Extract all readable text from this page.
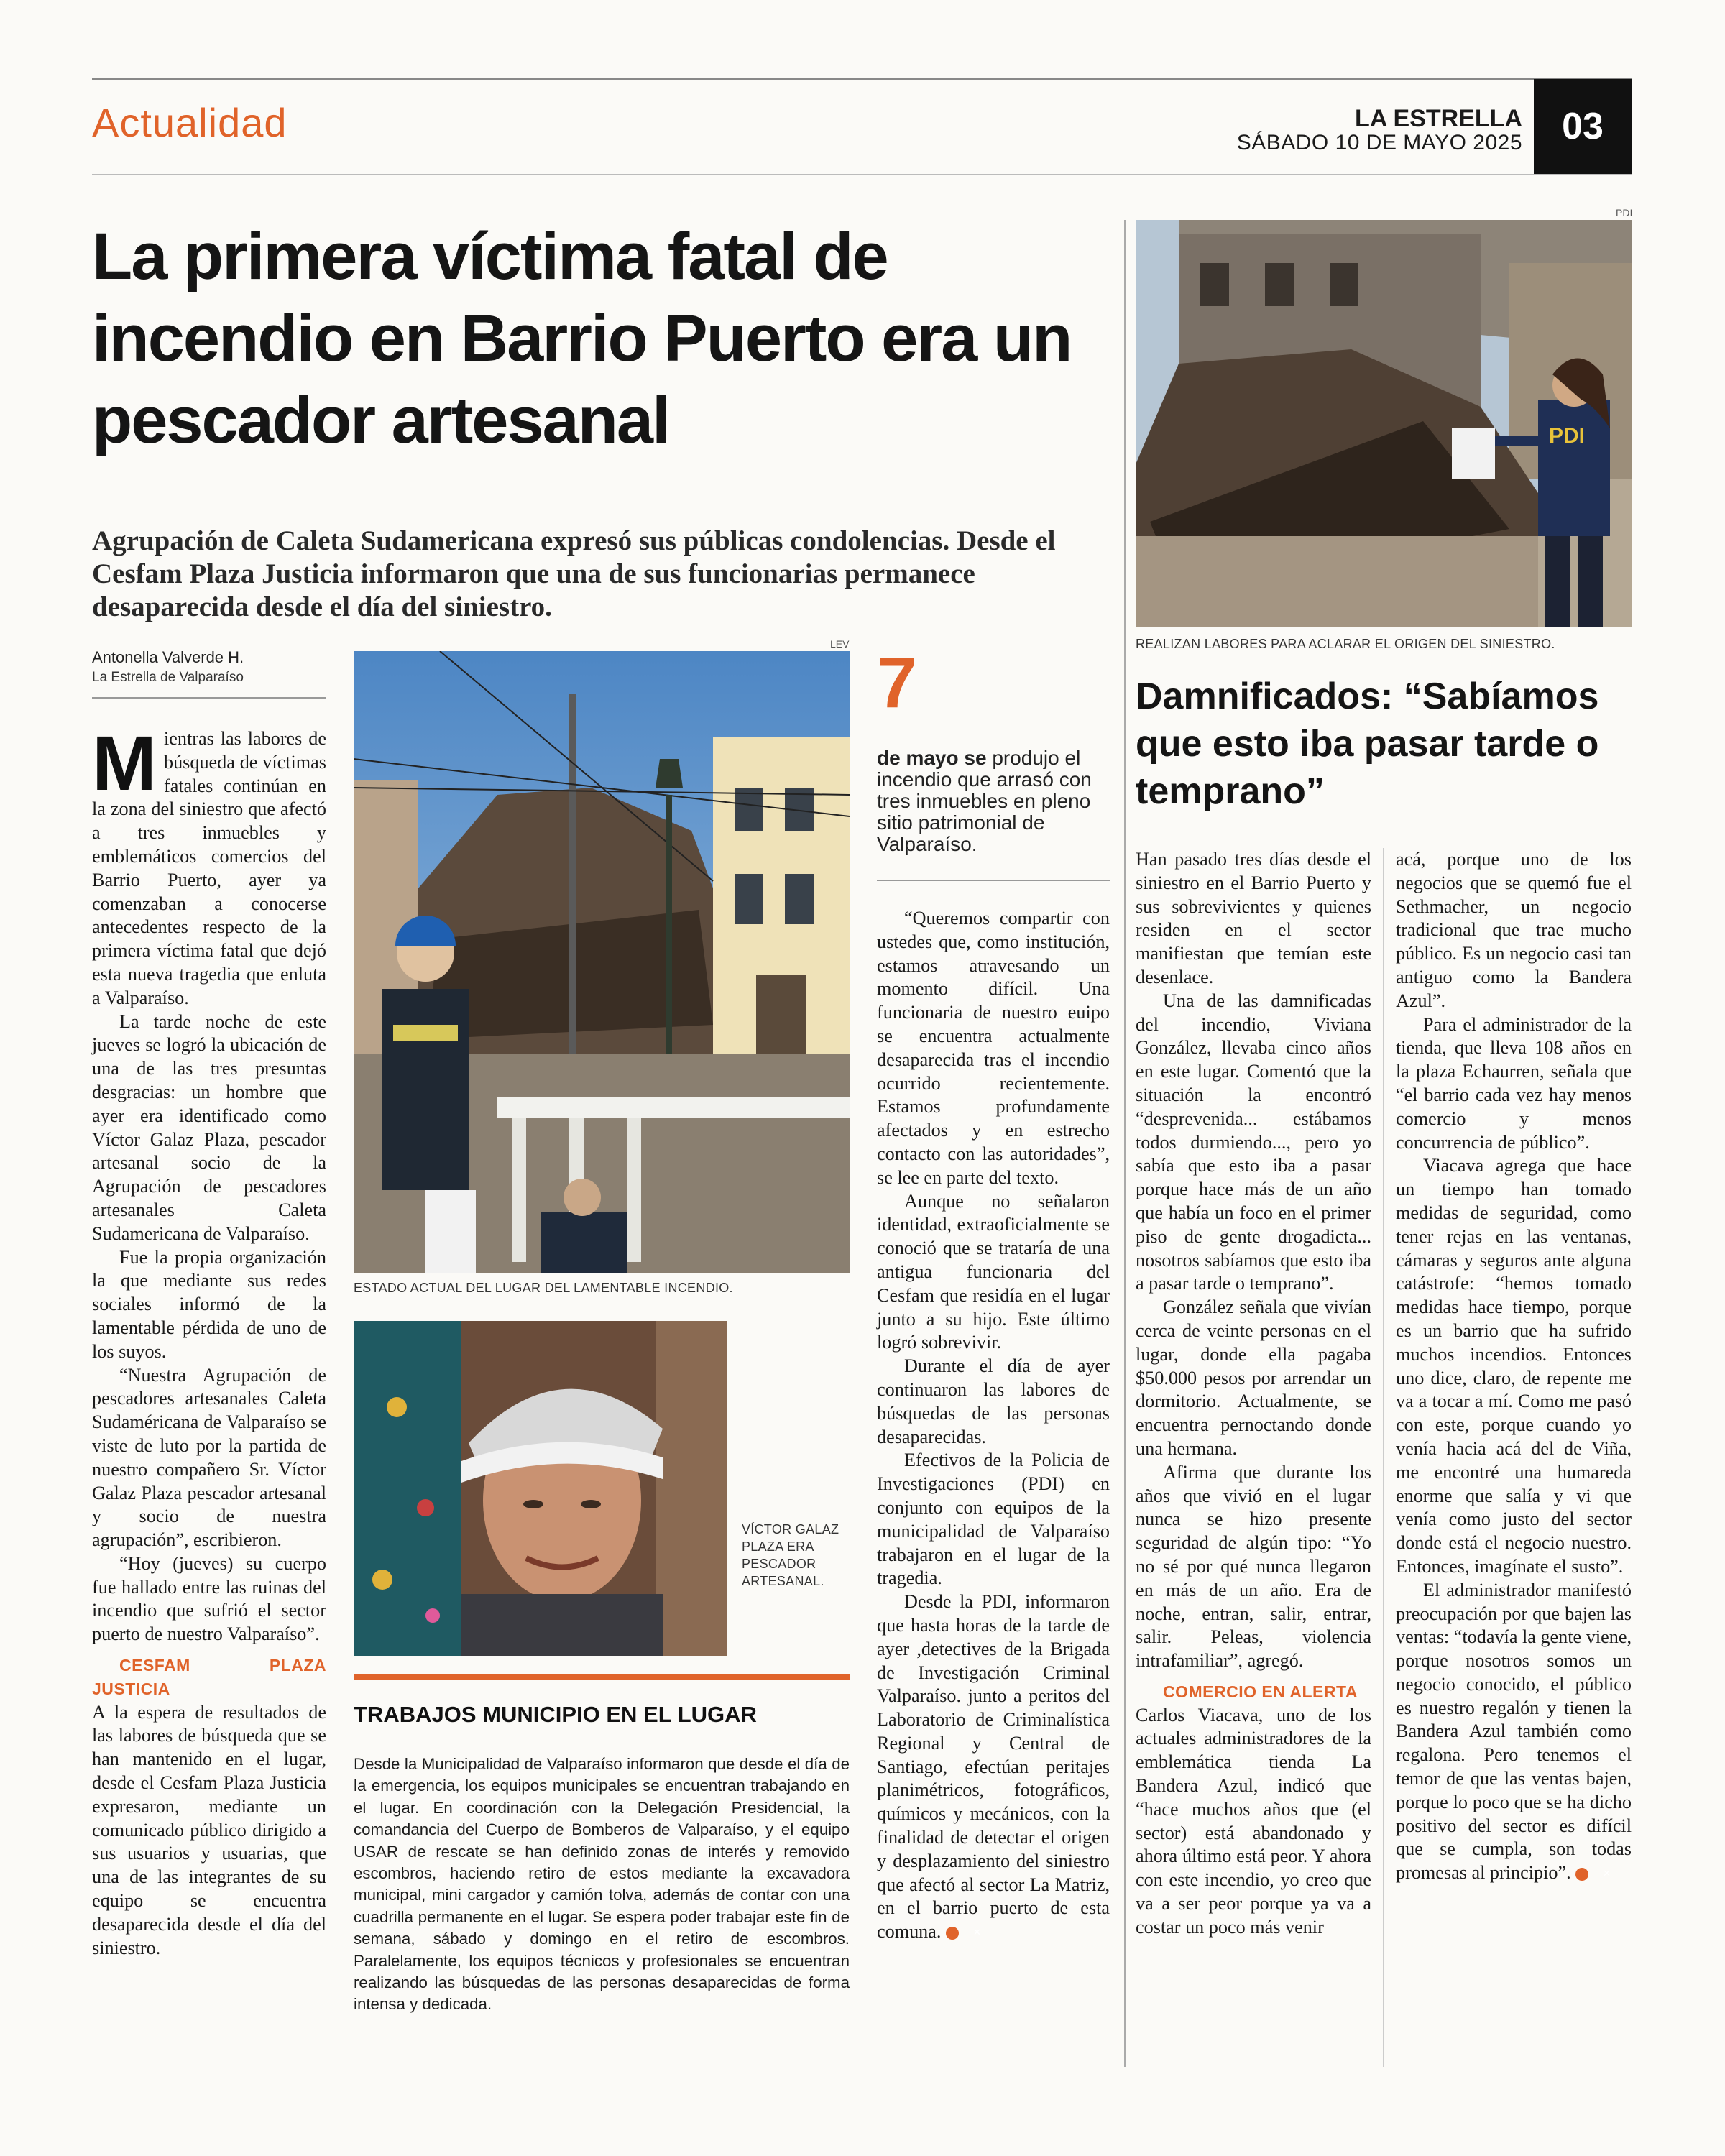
Actualidad	LA ESTRELLA
SÁBADO 10 DE MAYO 2025	03
La primera víctima fatal de incendio en Barrio Puerto era un pescador artesanal
Agrupación de Caleta Sudamericana expresó sus públicas condolencias. Desde el Cesfam Plaza Justicia informaron que una de sus funcionarias permanece desaparecida desde el día del siniestro.
Antonella Valverde H.
La Estrella de Valparaíso

Mientras las labores de búsqueda de víctimas fatales continúan en la zona del siniestro que afectó a tres inmuebles y emblemáticos comercios del Barrio Puerto, ayer ya comenzaban a conocerse antecedentes respecto de la primera víctima fatal que dejó esta nueva tragedia que enluta a Valparaíso.

La tarde noche de este jueves se logró la ubicación de una de las tres presuntas desgracias: un hombre que ayer era identificado como Víctor Galaz Plaza, pescador artesanal socio de la Agrupación de pescadores artesanales Caleta Sudamericana de Valparaíso.

Fue la propia organización la que mediante sus redes sociales informó de la lamentable pérdida de uno de los suyos.

“Nuestra Agrupación de pescadores artesanales Caleta Sudaméricana de Valparaíso se viste de luto por la partida de nuestro compañero Sr. Víctor Galaz Plaza pescador artesanal y socio de nuestra agrupación”, escribieron.

“Hoy (jueves) su cuerpo fue hallado entre las ruinas del incendio que sufrió el sector puerto de nuestro Valparaíso”.

CESFAM PLAZA JUSTICIA

A la espera de resultados de las labores de búsqueda que se han mantenido en el lugar, desde el Cesfam Plaza Justicia expresaron, mediante un comunicado público dirigido a sus usuarios y usuarias, que una de las integrantes de su equipo se encuentra desaparecida desde el día del siniestro.

LEV
ESTADO ACTUAL DEL LUGAR DEL LAMENTABLE INCENDIO.
VÍCTOR GALAZ PLAZA ERA PESCADOR ARTESANAL.
TRABAJOS MUNICIPIO EN EL LUGAR
Desde la Municipalidad de Valparaíso informaron que desde el día de la emergencia, los equipos municipales se encuentran trabajando en el lugar. En coordinación con la Delegación Presidencial, la comandancia del Cuerpo de Bomberos de Valparaíso, y el equipo USAR de rescate se han definido zonas de interés y removido escombros, haciendo retiro de estos mediante la excavadora municipal, mini cargador y camión tolva, además de contar con una cuadrilla permanente en el lugar. Se espera poder trabajar este fin de semana, sábado y domingo en el retiro de escombros. Paralelamente, los equipos técnicos y profesionales se encuentran realizando las búsquedas de las personas desaparecidas de forma intensa y dedicada.
7
de mayo se produjo el incendio que arrasó con tres inmuebles en pleno sitio patrimonial de Valparaíso.

“Queremos compartir con ustedes que, como institución, estamos atravesando un momento difícil. Una funcionaria de nuestro euipo se encuentra actualmente desaparecida tras el incendio ocurrido recientemente. Estamos profundamente afectados y en estrecho contacto con las autoridades”, se lee en parte del texto.

Aunque no señalaron identidad, extraoficialmente se conoció que se trataría de una antigua funcionaria del Cesfam que residía en el lugar junto a su hijo. Este último logró sobrevivir.

Durante el día de ayer continuaron las labores de búsquedas de las personas desaparecidas.

Efectivos de la Policia de Investigaciones (PDI) en conjunto con equipos de la municipalidad de Valparaíso trabajaron en el lugar de la tragedia.

Desde la PDI, informaron que hasta horas de la tarde de ayer ,detectives de la Brigada de Investigación Criminal Valparaíso. junto a peritos del Laboratorio de Criminalística Regional y Central de Santiago, efectúan peritajes planimétricos, fotográficos, químicos y mecánicos, con la finalidad de detectar el origen y desplazamiento del siniestro que afectó al sector La Matriz, en el barrio puerto de esta comuna.	✕

PDI
PDI
REALIZAN LABORES PARA ACLARAR EL ORIGEN DEL SINIESTRO.
Damnificados: “Sabíamos que esto iba pasar tarde o temprano”

Han pasado tres días desde el siniestro en el Barrio Puerto y sus sobrevivientes y quienes residen en el sector manifiestan que temían este desenlace.

Una de las damnificadas del incendio, Viviana González, llevaba cinco años en este lugar. Comentó que la situación la encontró “desprevenida... estábamos todos durmiendo..., pero yo sabía que esto iba a pasar porque hace más de un año que había un foco en el primer piso de gente drogadicta... nosotros sabíamos que esto iba a pasar tarde o temprano”.

González señala que vivían cerca de veinte personas en el lugar, donde ella pagaba $50.000 pesos por arrendar un dormitorio. Actualmente, se encuentra pernoctando donde una hermana.

Afirma que durante los años que vivió en el lugar nunca se hizo presente seguridad de algún tipo: “Yo no sé por qué nunca llegaron en más de un año. Era de noche, entran, salir, entrar, salir. Peleas, violencia intrafamiliar”, agregó.

COMERCIO EN ALERTA

Carlos Viacava, uno de los actuales administradores de la emblemática tienda La Bandera Azul, indicó que “hace muchos años que (el sector) está abandonado y ahora último está peor. Y ahora con este incendio, yo creo que va a ser peor porque ya va a costar un poco más venir

acá, porque uno de los negocios que se quemó fue el Sethmacher, un negocio tradicional que trae mucho público. Es un negocio casi tan antiguo como la Bandera Azul”.

Para el administrador de la tienda, que lleva 108 años en la plaza Echaurren, señala que “el barrio cada vez hay menos comercio y menos concurrencia de público”.

Viacava agrega que hace un tiempo han tomado medidas de seguridad, como tener rejas en las ventanas, cámaras y seguros ante alguna catástrofe: “hemos tomado medidas hace tiempo, porque es un barrio que ha sufrido muchos incendios. Entonces uno dice, claro, de repente me va a tocar a mí. Como me pasó con este, porque cuando yo venía hacia acá del de Viña, me encontré una humareda enorme que salía y vi que venía como justo del sector donde está el negocio nuestro. Entonces, imagínate el susto”.

El administrador manifestó preocupación por que bajen las ventas: “todavía la gente viene, porque nosotros somos un negocio conocido, el público es nuestro regalón y tienen la Bandera Azul también como regalona. Pero tenemos el temor de que las ventas bajen, porque lo poco que se ha dicho positivo del sector es difícil que se cumpla, son todas promesas al principio”.	✕
